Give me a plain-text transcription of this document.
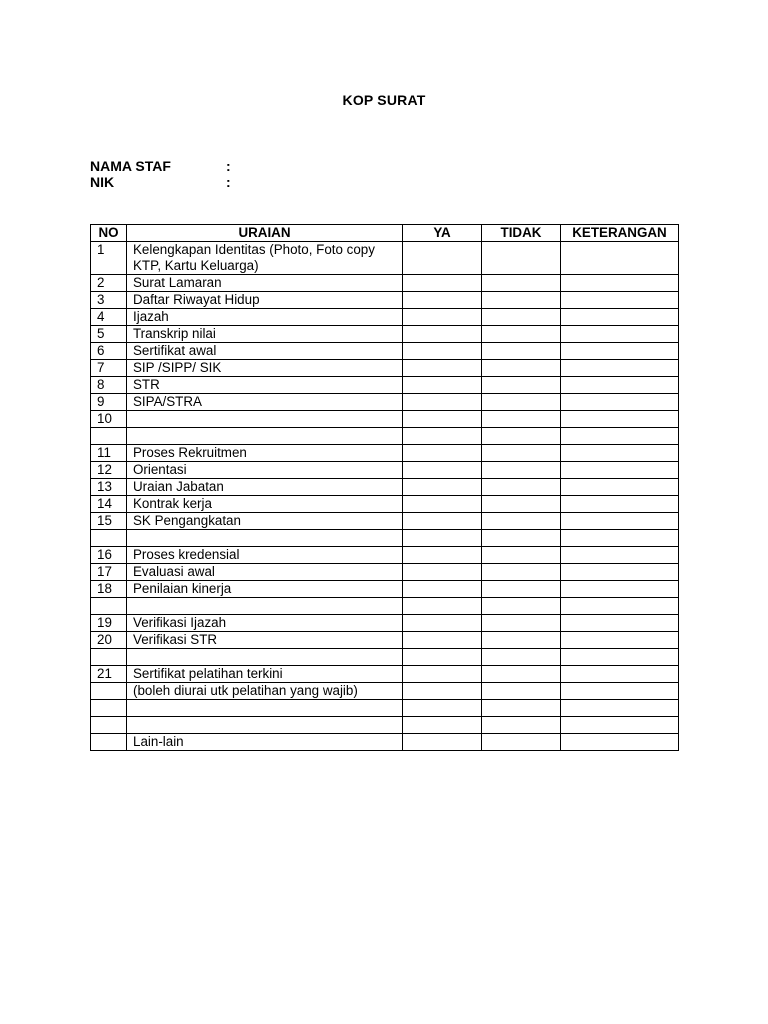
KOP SURAT
NAMA STAF	:
NIK	:
NO	URAIAN	YA	TIDAK	KETERANGAN
1	Kelengkapan Identitas (Photo, Foto copy KTP, Kartu Keluarga)			
2	Surat Lamaran			
3	Daftar Riwayat Hidup			
4	Ijazah			
5	Transkrip nilai			
6	Sertifikat awal			
7	SIP /SIPP/ SIK			
8	STR			
9	SIPA/STRA			
10				

11	Proses Rekruitmen			
12	Orientasi			
13	Uraian Jabatan			
14	Kontrak kerja			
15	SK Pengangkatan			

16	Proses kredensial			
17	Evaluasi awal			
18	Penilaian kinerja			

19	Verifikasi Ijazah			
20	Verifikasi STR			

21	Sertifikat pelatihan terkini			
	(boleh diurai utk pelatihan yang wajib)			

	Lain-lain			
